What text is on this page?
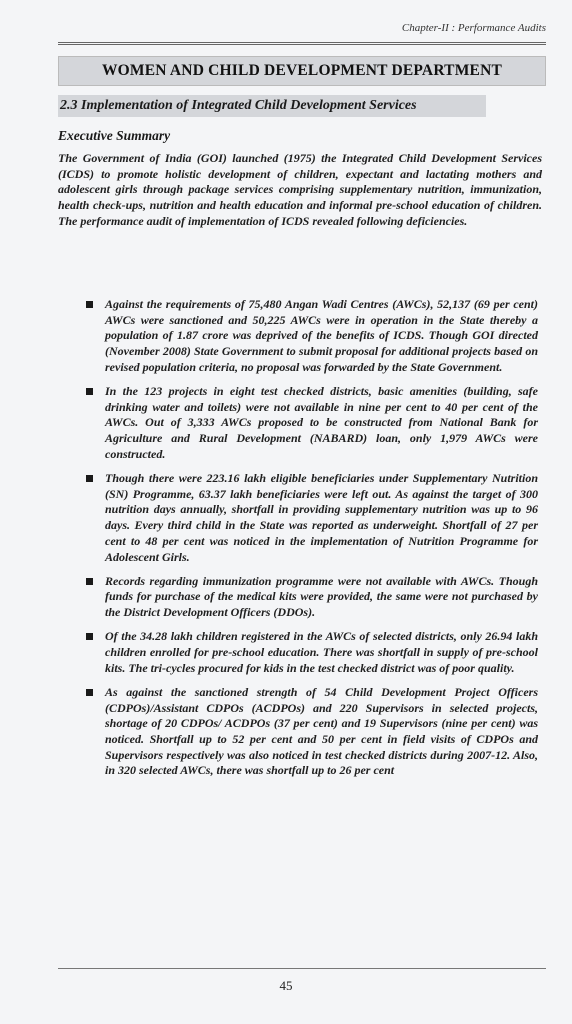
Chapter-II : Performance Audits
WOMEN AND CHILD DEVELOPMENT DEPARTMENT
2.3 Implementation of Integrated Child Development Services
Executive Summary
The Government of India (GOI) launched (1975) the Integrated Child Development Services (ICDS) to promote holistic development of children, expectant and lactating mothers and adolescent girls through package services comprising supplementary nutrition, immunization, health check-ups, nutrition and health education and informal pre-school education of children. The performance audit of implementation of ICDS revealed following deficiencies.
Against the requirements of 75,480 Angan Wadi Centres (AWCs), 52,137 (69 per cent) AWCs were sanctioned and 50,225 AWCs were in operation in the State thereby a population of 1.87 crore was deprived of the benefits of ICDS. Though GOI directed (November 2008) State Government to submit proposal for additional projects based on revised population criteria, no proposal was forwarded by the State Government.
In the 123 projects in eight test checked districts, basic amenities (building, safe drinking water and toilets) were not available in nine per cent to 40 per cent of the AWCs. Out of 3,333 AWCs proposed to be constructed from National Bank for Agriculture and Rural Development (NABARD) loan, only 1,979 AWCs were constructed.
Though there were 223.16 lakh eligible beneficiaries under Supplementary Nutrition (SN) Programme, 63.37 lakh beneficiaries were left out. As against the target of 300 nutrition days annually, shortfall in providing supplementary nutrition was up to 96 days. Every third child in the State was reported as underweight. Shortfall of 27 per cent to 48 per cent was noticed in the implementation of Nutrition Programme for Adolescent Girls.
Records regarding immunization programme were not available with AWCs. Though funds for purchase of the medical kits were provided, the same were not purchased by the District Development Officers (DDOs).
Of the 34.28 lakh children registered in the AWCs of selected districts, only 26.94 lakh children enrolled for pre-school education. There was shortfall in supply of pre-school kits. The tri-cycles procured for kids in the test checked district was of poor quality.
As against the sanctioned strength of 54 Child Development Project Officers (CDPOs)/Assistant CDPOs (ACDPOs) and 220 Supervisors in selected projects, shortage of 20 CDPOs/ ACDPOs (37 per cent) and 19 Supervisors (nine per cent) was noticed. Shortfall up to 52 per cent and 50 per cent in field visits of CDPOs and Supervisors respectively was also noticed in test checked districts during 2007-12. Also, in 320 selected AWCs, there was shortfall up to 26 per cent
45
